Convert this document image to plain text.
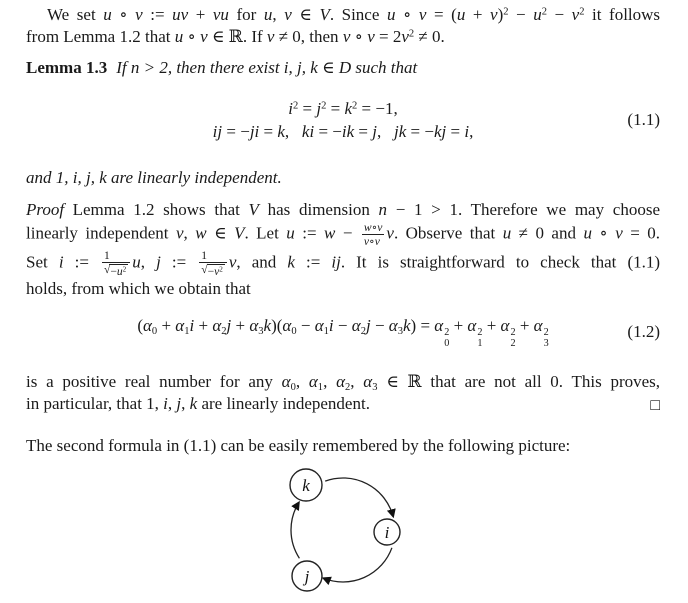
We set u ∘ v := uv + vu for u, v ∈ V. Since u ∘ $v = (u + v)^2 - u^2 - v^2$ it follows
from Lemma 1.2 that u ∘ v ∈ ℝ. If v ≠ 0, then v ∘ $v = 2v^2 \ne 0$.
Lemma 1.3 If n > 2, then there exist i, j, k ∈ D such that
$i^2 = j^2 = k^2 = -1$,
ij = −ji = k,  ki = −ik = j,  jk = −kj = i,
(1.1)
and 1, i, j, k are linearly independent.
Proof Lemma 1.2 shows that V has dimension n − 1 > 1. Therefore we may choose
linearly independent v, w ∈ V. Let u := $w - \frac{w\circ v}{v\circ v} v$. Observe that u ≠ 0 and u ∘ v = 0.
Set i := $\frac{1}{√ -u^2} u$, j := $\frac{1}{√ -v^2} v$, and k := ij. It is straightforward to check that (1.1)
holds, from which we obtain that
(α0 + α1i + α2j + α3k)(α0 − α1i − α2j − α3k) = α 2
0
+ α 2
1
+ α 2
2
+ α 2
3
(1.2)
is a positive real number for any α0, α1, α2, α3 ∈ ℝ that are not all 0. This proves,
in particular, that 1, i, j, k are linearly independent.	□
The second formula in (1.1) can be easily remembered by the following picture:
k
i
j
